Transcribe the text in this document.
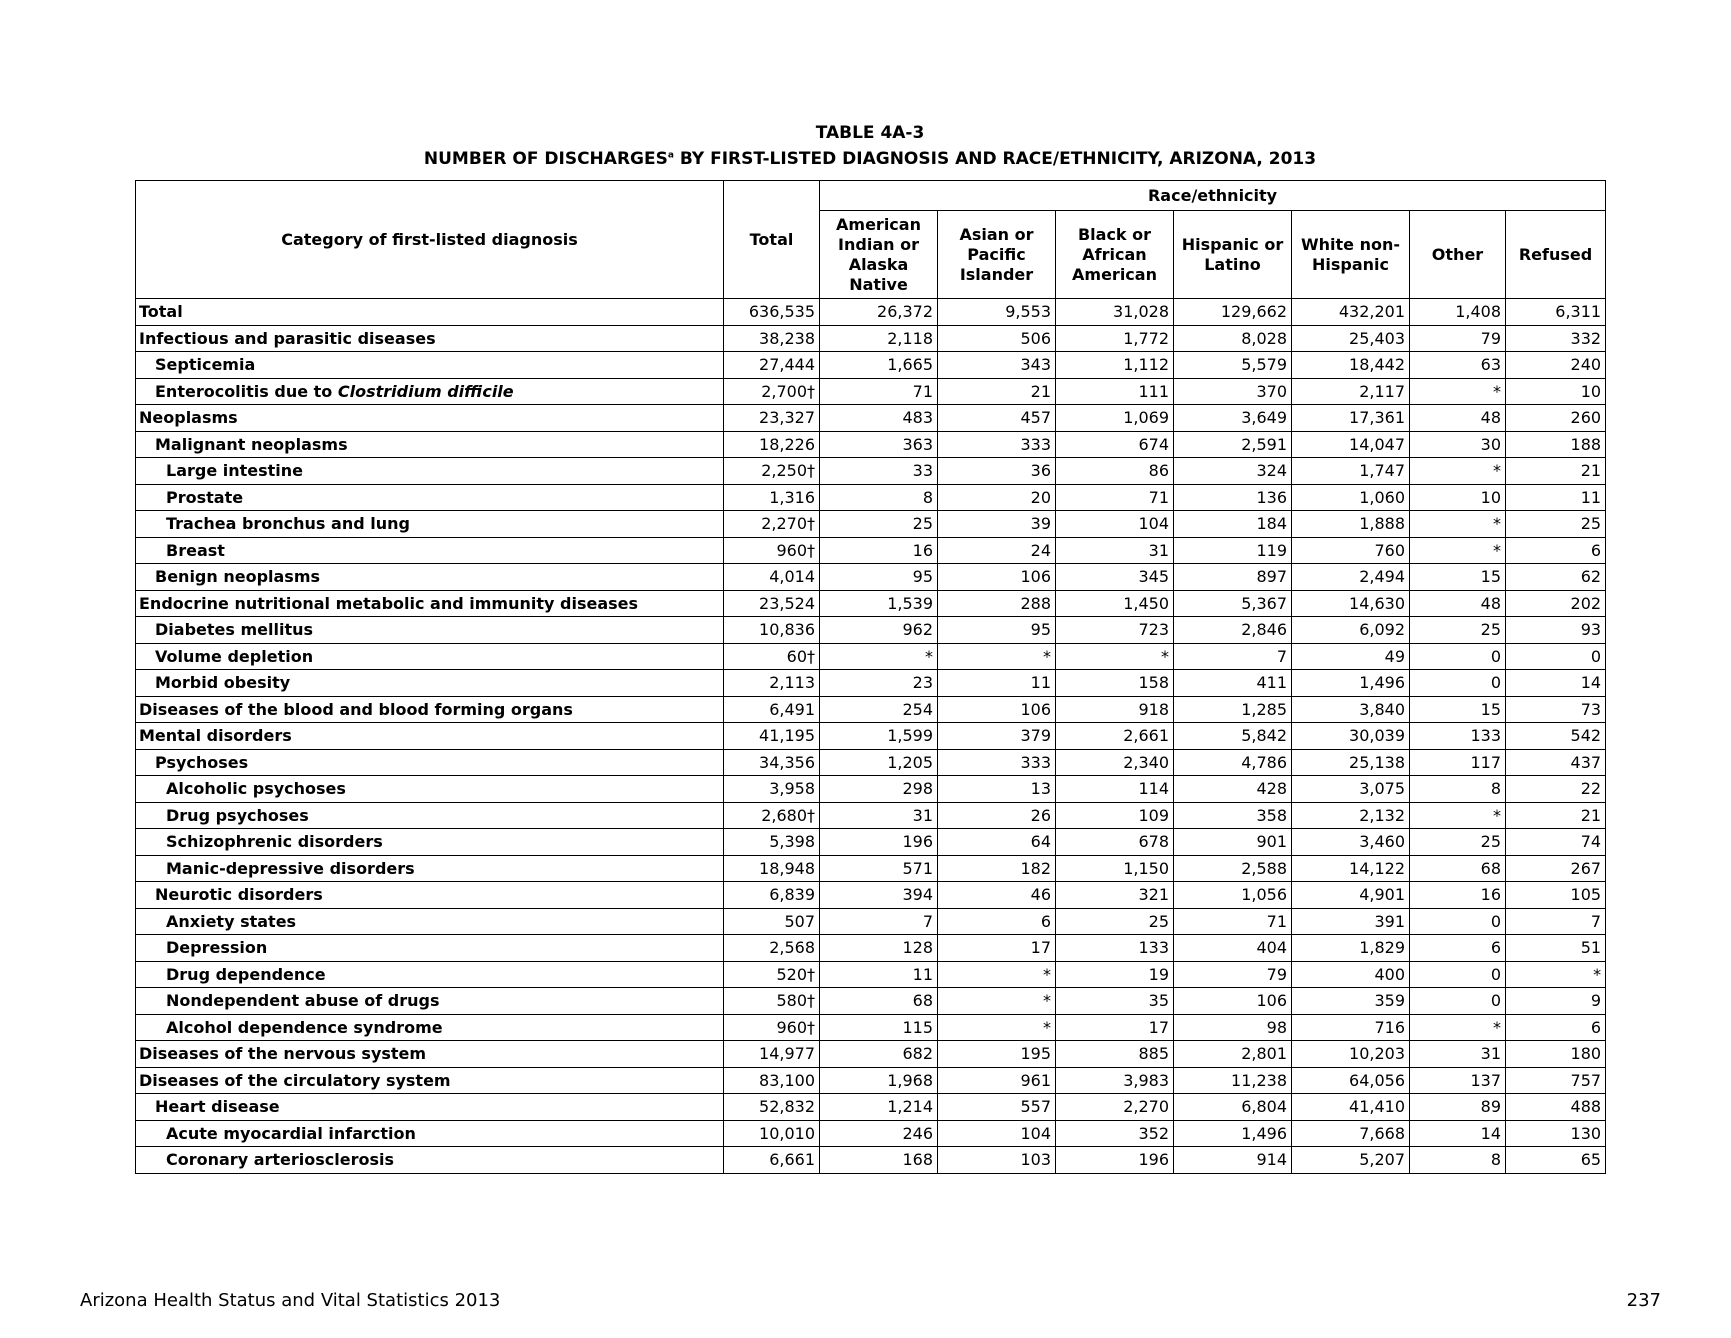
TABLE 4A-3
NUMBER OF DISCHARGES$^a$ BY FIRST-LISTED DIAGNOSIS AND RACE/ETHNICITY, ARIZONA, 2013
Category of first-listed diagnosis	Total	Race/ethnicity						
		American Indian or Alaska Native	Asian or Pacific Islander	Black or African American	Hispanic or Latino	White non-Hispanic	Other	Refused
Total	636,535	26,372	9,553	31,028	129,662	432,201	1,408	6,311
Infectious and parasitic diseases	38,238	2,118	506	1,772	8,028	25,403	79	332
Septicemia	27,444	1,665	343	1,112	5,579	18,442	63	240
Enterocolitis due to Clostridium difficile	2,700†	71	21	111	370	2,117	*	10
Neoplasms	23,327	483	457	1,069	3,649	17,361	48	260
Malignant neoplasms	18,226	363	333	674	2,591	14,047	30	188
Large intestine	2,250†	33	36	86	324	1,747	*	21
Prostate	1,316	8	20	71	136	1,060	10	11
Trachea bronchus and lung	2,270†	25	39	104	184	1,888	*	25
Breast	960†	16	24	31	119	760	*	6
Benign neoplasms	4,014	95	106	345	897	2,494	15	62
Endocrine nutritional metabolic and immunity diseases	23,524	1,539	288	1,450	5,367	14,630	48	202
Diabetes mellitus	10,836	962	95	723	2,846	6,092	25	93
Volume depletion	60†	*	*	*	7	49	0	0
Morbid obesity	2,113	23	11	158	411	1,496	0	14
Diseases of the blood and blood forming organs	6,491	254	106	918	1,285	3,840	15	73
Mental disorders	41,195	1,599	379	2,661	5,842	30,039	133	542
Psychoses	34,356	1,205	333	2,340	4,786	25,138	117	437
Alcoholic psychoses	3,958	298	13	114	428	3,075	8	22
Drug psychoses	2,680†	31	26	109	358	2,132	*	21
Schizophrenic disorders	5,398	196	64	678	901	3,460	25	74
Manic-depressive disorders	18,948	571	182	1,150	2,588	14,122	68	267
Neurotic disorders	6,839	394	46	321	1,056	4,901	16	105
Anxiety states	507	7	6	25	71	391	0	7
Depression	2,568	128	17	133	404	1,829	6	51
Drug dependence	520†	11	*	19	79	400	0	*
Nondependent abuse of drugs	580†	68	*	35	106	359	0	9
Alcohol dependence syndrome	960†	115	*	17	98	716	*	6
Diseases of the nervous system	14,977	682	195	885	2,801	10,203	31	180
Diseases of the circulatory system	83,100	1,968	961	3,983	11,238	64,056	137	757
Heart disease	52,832	1,214	557	2,270	6,804	41,410	89	488
Acute myocardial infarction	10,010	246	104	352	1,496	7,668	14	130
Coronary arteriosclerosis	6,661	168	103	196	914	5,207	8	65
Arizona Health Status and Vital Statistics 2013	237
